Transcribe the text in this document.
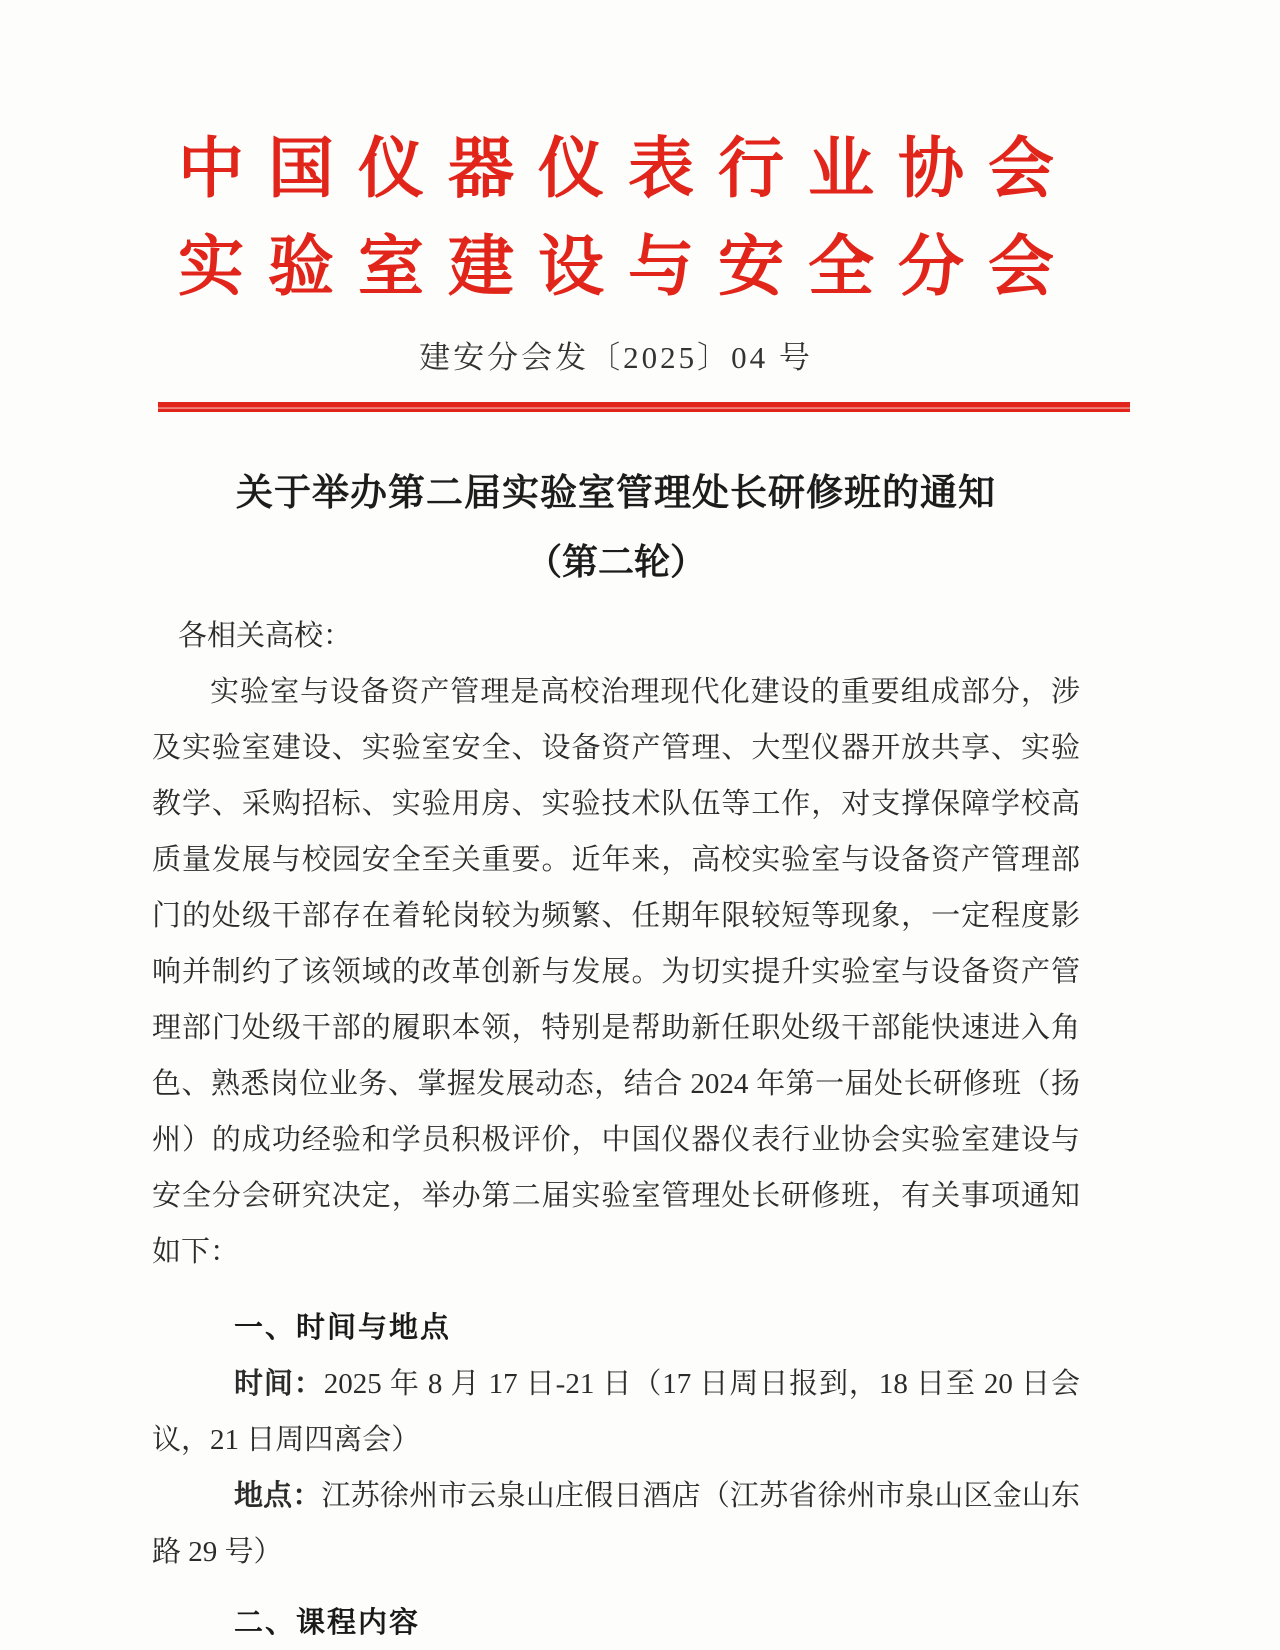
中国仪器仪表行业协会
实验室建设与安全分会
建安分会发〔2025〕04 号
关于举办第二届实验室管理处长研修班的通知
（第二轮）
各相关高校：
实验室与设备资产管理是高校治理现代化建设的重要组成部分，涉
及实验室建设、实验室安全、设备资产管理、大型仪器开放共享、实验
教学、采购招标、实验用房、实验技术队伍等工作，对支撑保障学校高
质量发展与校园安全至关重要。近年来，高校实验室与设备资产管理部
门的处级干部存在着轮岗较为频繁、任期年限较短等现象，一定程度影
响并制约了该领域的改革创新与发展。为切实提升实验室与设备资产管
理部门处级干部的履职本领，特别是帮助新任职处级干部能快速进入角
色、熟悉岗位业务、掌握发展动态，结合 2024 年第一届处长研修班（扬
州）的成功经验和学员积极评价，中国仪器仪表行业协会实验室建设与
安全分会研究决定，举办第二届实验室管理处长研修班，有关事项通知
如下：
一、时间与地点
时间：2025 年 8 月 17 日-21 日（17 日周日报到，18 日至 20 日会
议，21 日周四离会）
地点：江苏徐州市云泉山庄假日酒店（江苏省徐州市泉山区金山东
路 29 号）
二、课程内容
